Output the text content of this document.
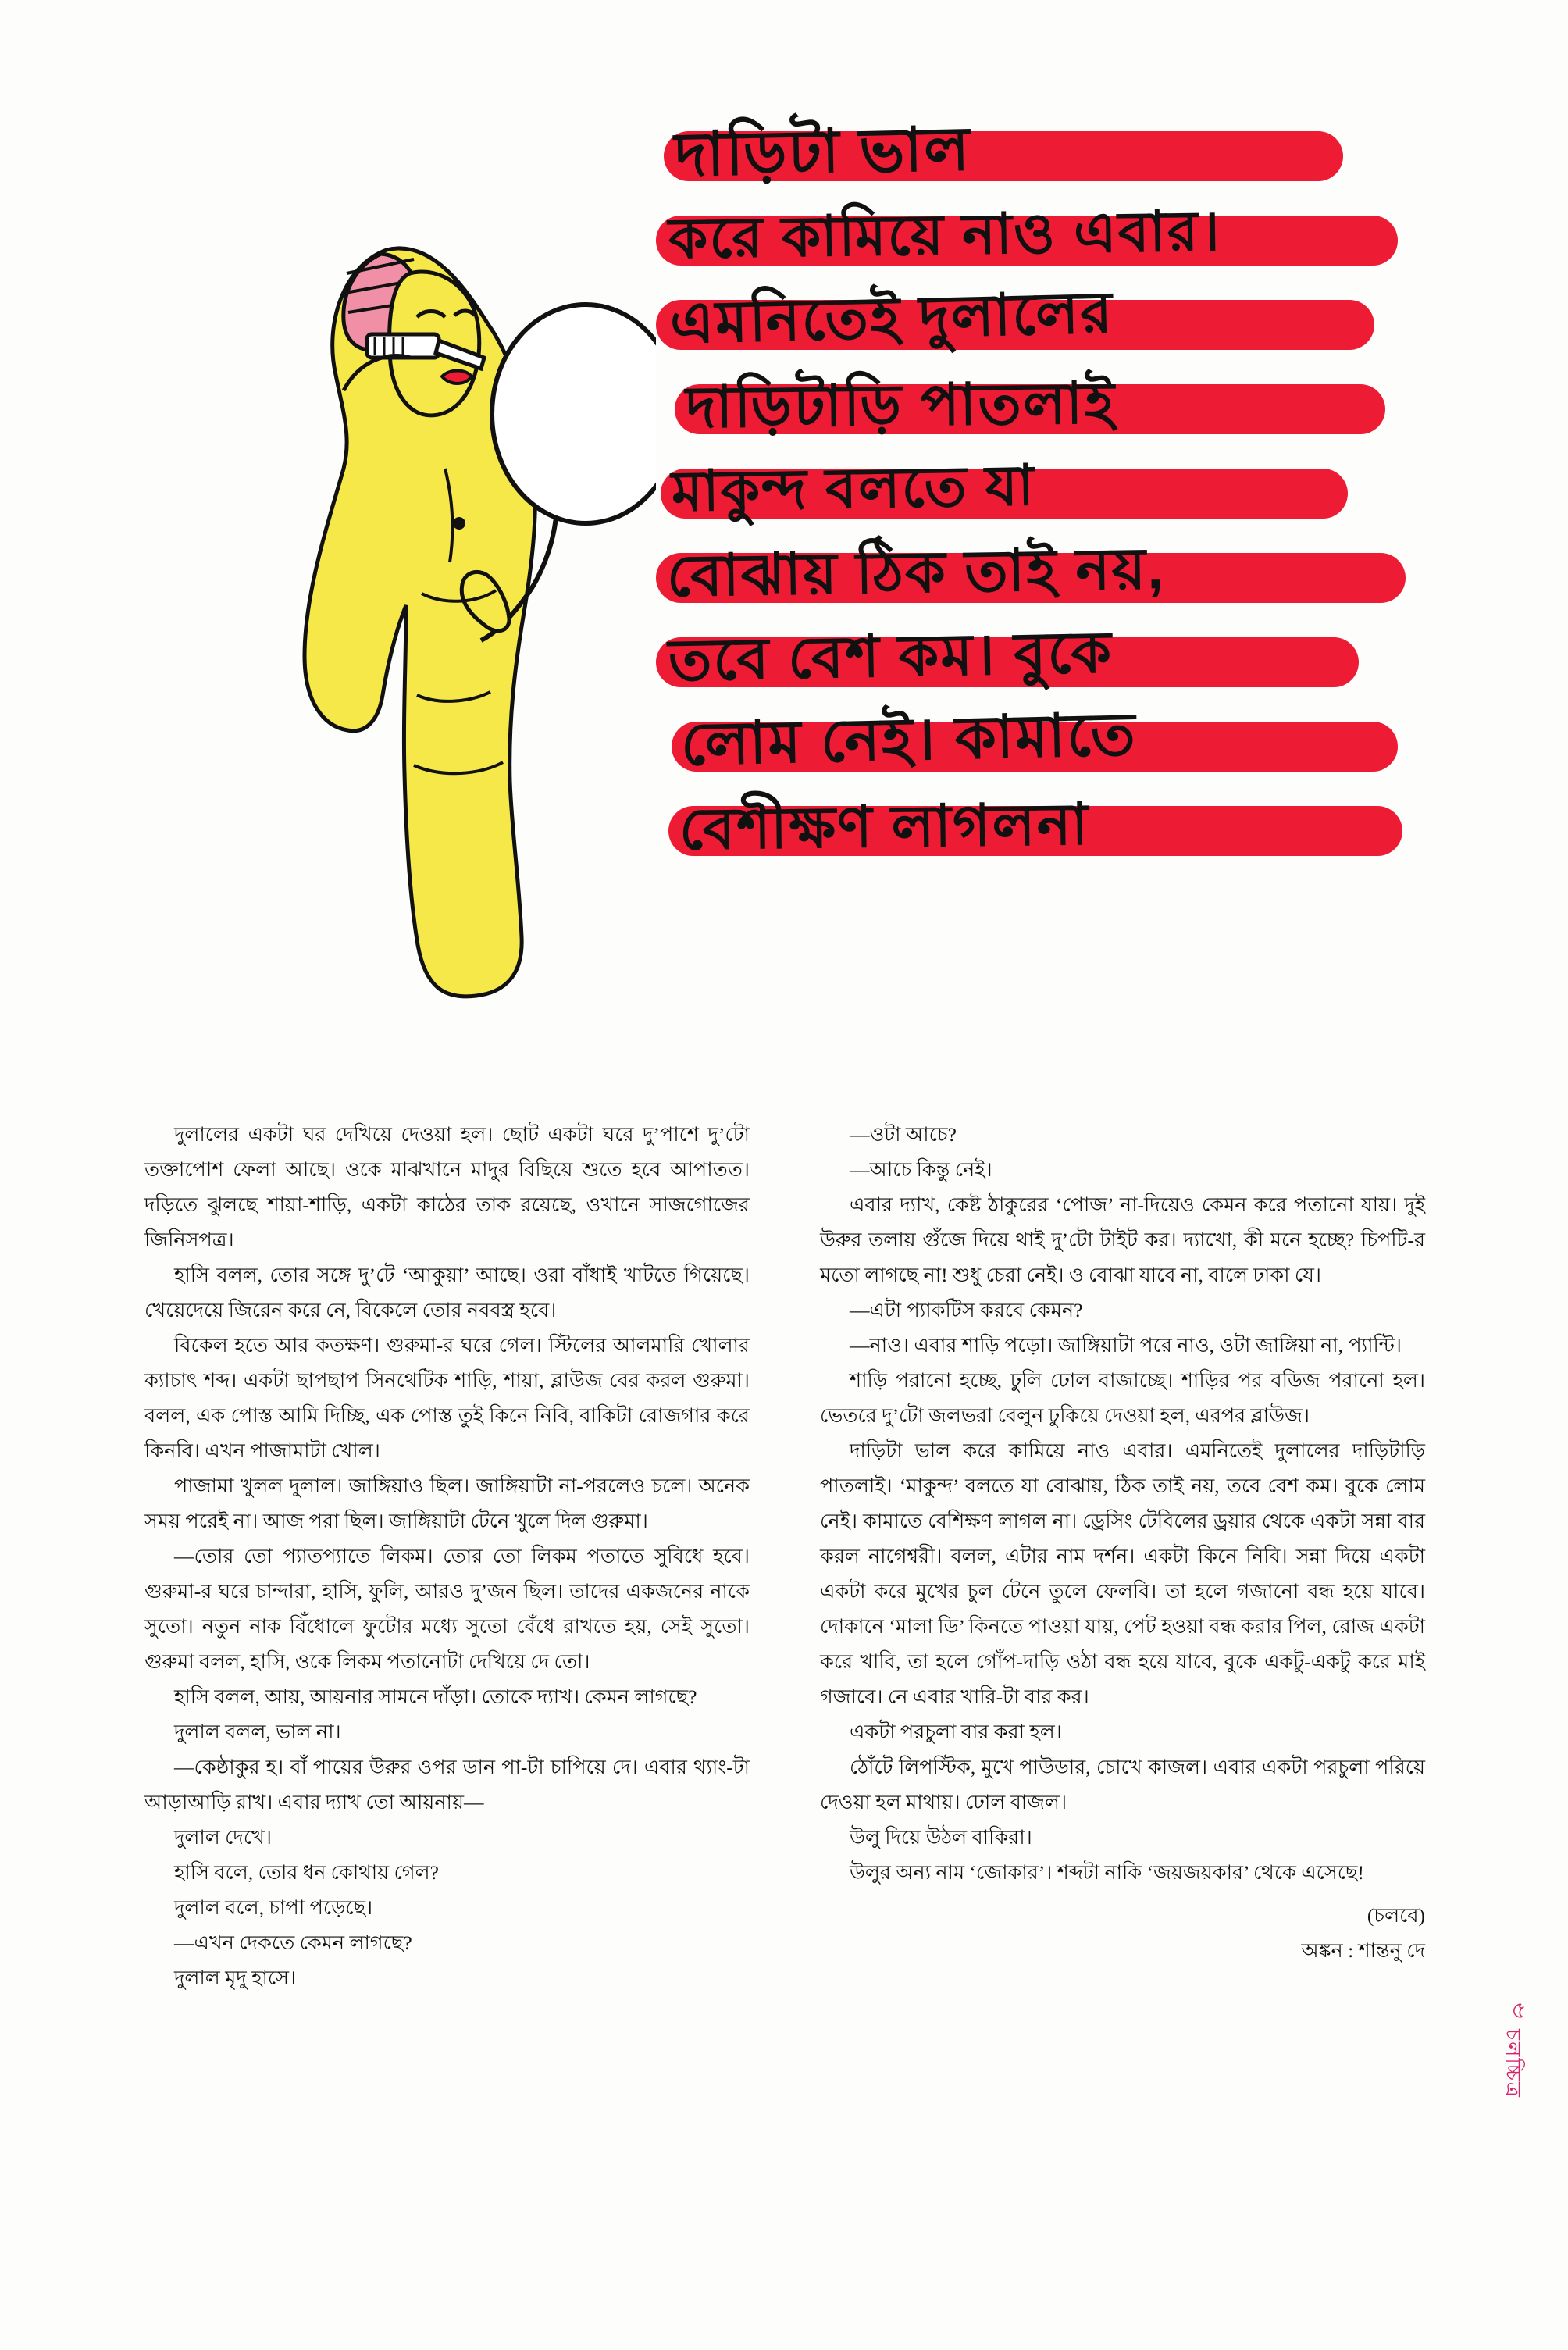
দাড়িটা ভাল
করে কামিয়ে নাও এবার।
এমনিতেই দুলালের
দাড়িটাড়ি পাতলাই
মাকুন্দ বলতে যা
বোঝায় ঠিক তাই নয়,
তবে বেশ কম। বুকে
লোম নেই। কামাতে
বেশীক্ষণ লাগলনা

দুলালের একটা ঘর দেখিয়ে দেওয়া হল। ছোট একটা ঘরে দু’পাশে দু’টো তক্তাপোশ ফেলা আছে। ওকে মাঝখানে মাদুর বিছিয়ে শুতে হবে আপাতত। দড়িতে ঝুলছে শায়া-শাড়ি, একটা কাঠের তাক রয়েছে, ওখানে সাজগোজের জিনিসপত্র।

হাসি বলল, তোর সঙ্গে দু’টে ‘আকুয়া’ আছে। ওরা বাঁধাই খাটতে গিয়েছে। খেয়েদেয়ে জিরেন করে নে, বিকেলে তোর নববস্ত্র হবে।

বিকেল হতে আর কতক্ষণ। গুরুমা-র ঘরে গেল। স্টিলের আলমারি খোলার ক্যাচ‌াৎ শব্দ। একটা ছাপছাপ সিনথেটিক শাড়ি, শায়া, ব্লাউজ বের করল গুরুমা। বলল, এক পোস্ত আমি দিচ্ছি, এক পোস্ত তুই কিনে নিবি, বাকিটা রোজগার করে কিনবি। এখন পাজামাটা খোল।

পাজামা খুলল দুলাল। জাঙ্গিয়াও ছিল। জাঙ্গিয়াটা না-পরলেও চলে। অনেক সময় পরেই না। আজ পরা ছিল। জাঙ্গিয়াটা টেনে খুলে দিল গুরুমা।

—তোর তো প্যাতপ্যাতে লিকম। তোর তো লিকম পতাতে সুবিধে হবে। গুরুমা-র ঘরে চান্দারা, হাসি, ফুলি, আরও দু’জন ছিল। তাদের একজনের নাকে সুতো। নতুন নাক বিঁধোলে ফুটোর মধ্যে সুতো বেঁধে রাখতে হয়, সেই সুতো। গুরুমা বলল, হাসি, ওকে লিকম পতানোটা দেখিয়ে দে তো।

হাসি বলল, আয়, আয়নার সামনে দাঁড়া। তোকে দ্যাখ। কেমন লাগছে?

দুলাল বলল, ভাল না।

—কেষ্ঠাকুর হ। বাঁ পায়ের উরুর ওপর ডান পা-টা চাপিয়ে দে। এবার থ্যাং-টা আড়াআড়ি রাখ। এবার দ্যাখ তো আয়নায়—

দুলাল দেখে।

হাসি বলে, তোর ধন কোথায় গেল?

দুলাল বলে, চাপা পড়েছে।

—এখন দেকতে কেমন লাগছে?

দুলাল মৃদু হাসে।

—ওটা আচে?

—আচে কিন্তু নেই।

এবার দ্যাখ, কেষ্ট ঠাকুরের ‘পোজ’ না-দিয়েও কেমন করে পতানো যায়। দুই উরুর তলায় গুঁজে দিয়ে থাই দু’টো টাইট কর। দ্যাখো, কী মনে হচ্ছে? চিপটি-র মতো লাগছে না! শুধু চেরা নেই। ও বোঝা যাবে না, বালে ঢাকা যে।

—এটা প্যাকটিস করবে কেমন?

—নাও। এবার শাড়ি পড়ো। জাঙ্গিয়াটা পরে নাও, ওটা জাঙ্গিয়া না, প্যান্টি।

শাড়ি পরানো হচ্ছে, ঢুলি ঢোল বাজাচ্ছে। শাড়ির পর বডিজ পরানো হল। ভেতরে দু’টো জলভরা বেলুন ঢুকিয়ে দেওয়া হল, এরপর ব্লাউজ।

দাড়িটা ভাল করে কামিয়ে নাও এবার। এমনিতেই দুলালের দাড়িটাড়ি পাতলাই। ‘মাকুন্দ’ বলতে যা বোঝায়, ঠিক তাই নয়, তবে বেশ কম। বুকে লোম নেই। কামাতে বেশিক্ষণ লাগল না। ড্রেসিং টেবিলের ড্রয়ার থেকে একটা সন্না বার করল নাগেশ্বরী। বলল, এটার নাম দর্শন। একটা কিনে নিবি। সন্না দিয়ে একটা একটা করে মুখের চুল টেনে তুলে ফেলবি। তা হলে গজানো বন্ধ হয়ে যাবে। দোকানে ‘মালা ডি’ কিনতে পাওয়া যায়, পেট হওয়া বন্ধ করার পিল, রোজ একটা করে খাবি, তা হলে গোঁপ-দাড়ি ওঠা বন্ধ হয়ে যাবে, বুকে একটু-একটু করে মাই গজাবে। নে এবার খারি-টা বার কর।

একটা পরচুলা বার করা হল।

ঠোঁটে লিপস্টিক, মুখে পাউডার, চোখে কাজল। এবার একটা পরচুলা পরিয়ে দেওয়া হল মাথায়। ঢোল বাজল।

উলু দিয়ে উঠল বাকিরা।

উলুর অন্য নাম ‘জোকার’। শব্দটা নাকি ‘জয়জয়কার’ থেকে এসেছে!

(চলবে)

অঙ্কন : শান্তনু দে

৫
চলচ্চিত্র
